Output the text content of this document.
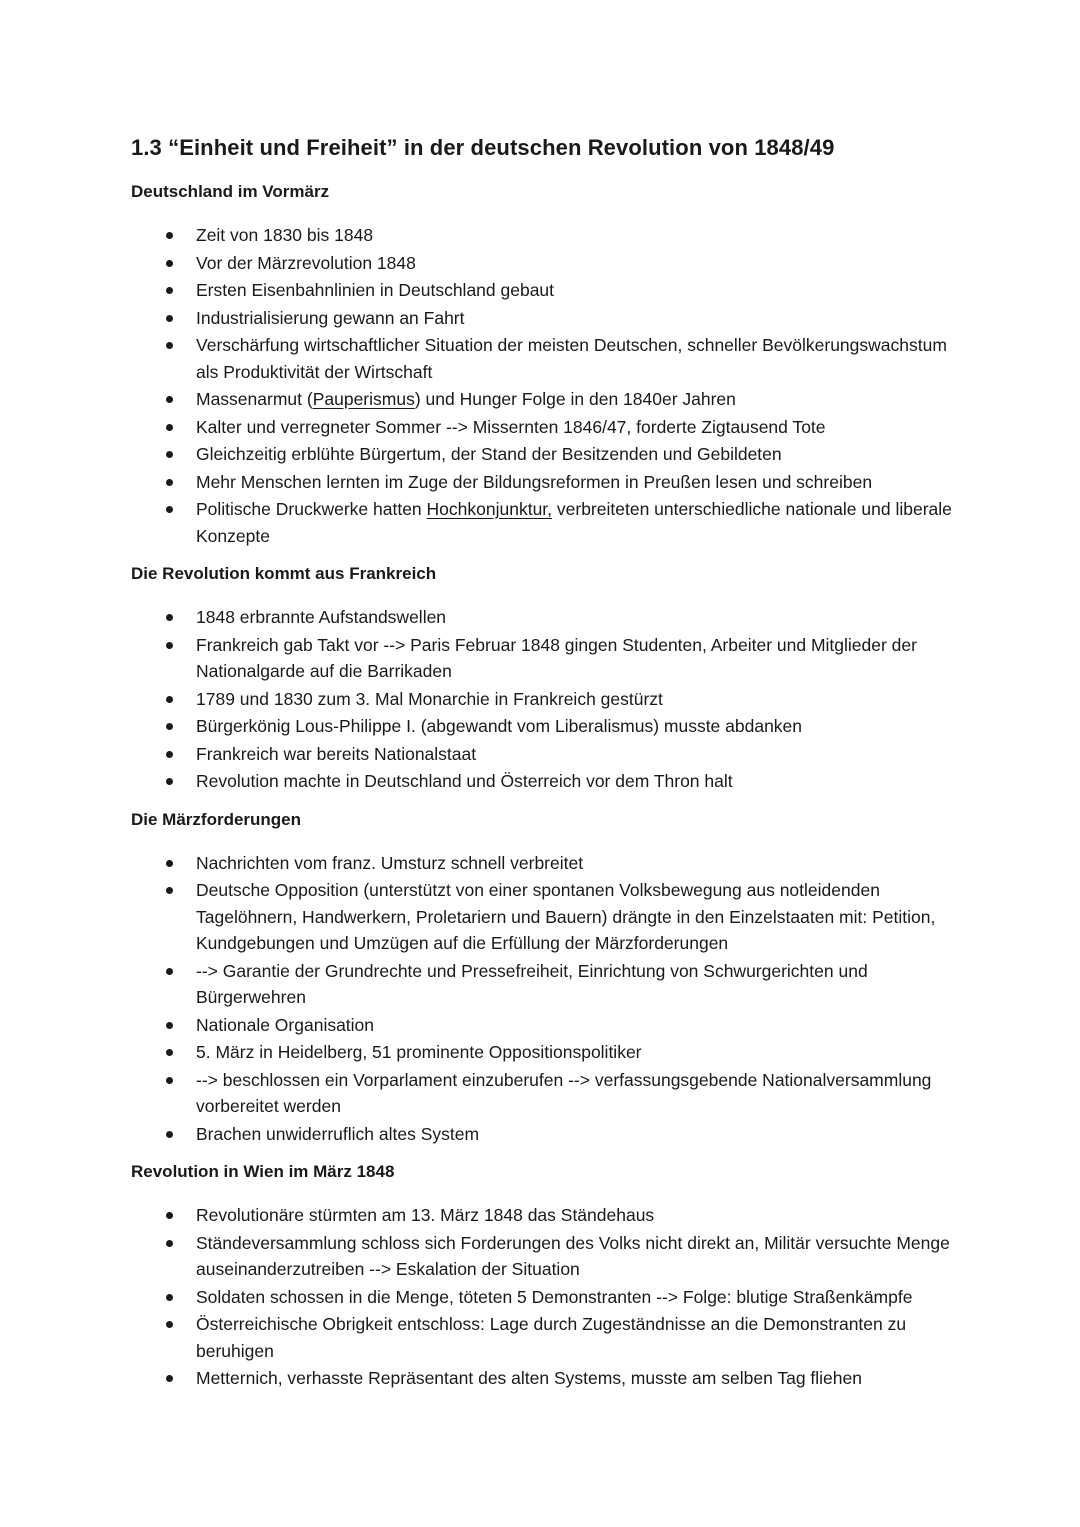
1.3 “Einheit und Freiheit” in der deutschen Revolution von 1848/49
Deutschland im Vormärz
Zeit von 1830 bis 1848
Vor der Märzrevolution 1848
Ersten Eisenbahnlinien in Deutschland gebaut
Industrialisierung gewann an Fahrt
Verschärfung wirtschaftlicher Situation der meisten Deutschen, schneller Bevölkerungswachstum als Produktivität der Wirtschaft
Massenarmut (Pauperismus) und Hunger Folge in den 1840er Jahren
Kalter und verregneter Sommer --> Missernten 1846/47, forderte Zigtausend Tote
Gleichzeitig erblühte Bürgertum, der Stand der Besitzenden und Gebildeten
Mehr Menschen lernten im Zuge der Bildungsreformen in Preußen lesen und schreiben
Politische Druckwerke hatten Hochkonjunktur, verbreiteten unterschiedliche nationale und liberale Konzepte
Die Revolution kommt aus Frankreich
1848 erbrannte Aufstandswellen
Frankreich gab Takt vor --> Paris Februar 1848 gingen Studenten, Arbeiter und Mitglieder der Nationalgarde auf die Barrikaden
1789 und 1830 zum 3. Mal Monarchie in Frankreich gestürzt
Bürgerkönig Lous-Philippe I. (abgewandt vom Liberalismus) musste abdanken
Frankreich war bereits Nationalstaat
Revolution machte in Deutschland und Österreich vor dem Thron halt
Die Märzforderungen
Nachrichten vom franz. Umsturz schnell verbreitet
Deutsche Opposition (unterstützt von einer spontanen Volksbewegung aus notleidenden Tagelöhnern, Handwerkern, Proletariern und Bauern) drängte in den Einzelstaaten mit: Petition, Kundgebungen und Umzügen auf die Erfüllung der Märzforderungen
--> Garantie der Grundrechte und Pressefreiheit, Einrichtung von Schwurgerichten und Bürgerwehren
Nationale Organisation
5. März in Heidelberg, 51 prominente Oppositionspolitiker
--> beschlossen ein Vorparlament einzuberufen --> verfassungsgebende Nationalversammlung vorbereitet werden
Brachen unwiderruflich altes System
Revolution in Wien im März 1848
Revolutionäre stürmten am 13. März 1848 das Ständehaus
Ständeversammlung schloss sich Forderungen des Volks nicht direkt an, Militär versuchte Menge auseinanderzutreiben --> Eskalation der Situation
Soldaten schossen in die Menge, töteten 5 Demonstranten --> Folge: blutige Straßenkämpfe
Österreichische Obrigkeit entschloss: Lage durch Zugeständnisse an die Demonstranten zu beruhigen
Metternich, verhasste Repräsentant des alten Systems, musste am selben Tag fliehen
